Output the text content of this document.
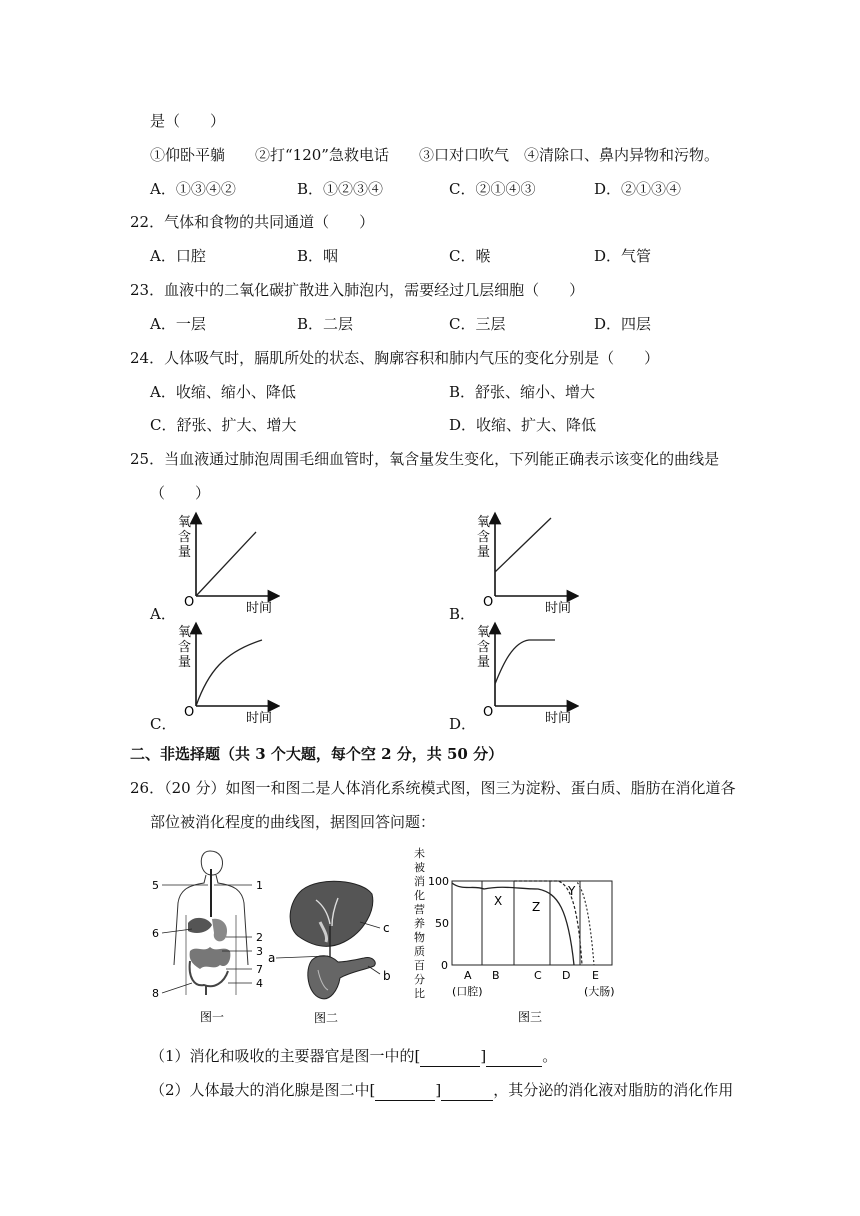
是（　　）
①仰卧平躺　　②打“120”急救电话　　③口对口吹气　④清除口、鼻内异物和污物。
A．①③④②	B．①②③④	C．②①④③	D．②①③④
22．气体和食物的共同通道（　　）
A．口腔	B．咽	C．喉	D．气管
23．血液中的二氧化碳扩散进入肺泡内，需要经过几层细胞（　　）
A．一层	B．二层	C．三层	D．四层
24．人体吸气时，膈肌所处的状态、胸廓容积和肺内气压的变化分别是（　　）
A．收缩、缩小、降低	B．舒张、缩小、增大
C．舒张、扩大、增大	D．收缩、扩大、降低
25．当血液通过肺泡周围毛细血管时，氧含量发生变化，下列能正确表示该变化的曲线是
（　　）
A．	B．
C．	D．
氧
含
量
O	时间
氧
含
量
O	时间
氧
含
量
O	时间
氧
含
量
O	时间
二、非选择题（共 3 个大题，每个空 2 分，共 50 分）
26．（20 分）如图一和图二是人体消化系统模式图，图三为淀粉、蛋白质、脂肪在消化道各
部位被消化程度的曲线图，据图回答问题：
5	1
6	2
3
7
4
8
图一
a
b
c
图二
未
被
消
化
营
养
物
质
百
分
比
100
50
0
X
Y
Z
A B	C D E
(口腔)	(大肠)
图三
（1）消化和吸收的主要器官是图一中的[	]	。
（2）人体最大的消化腺是图二中[	]	，其分泌的消化液对脂肪的消化作用
